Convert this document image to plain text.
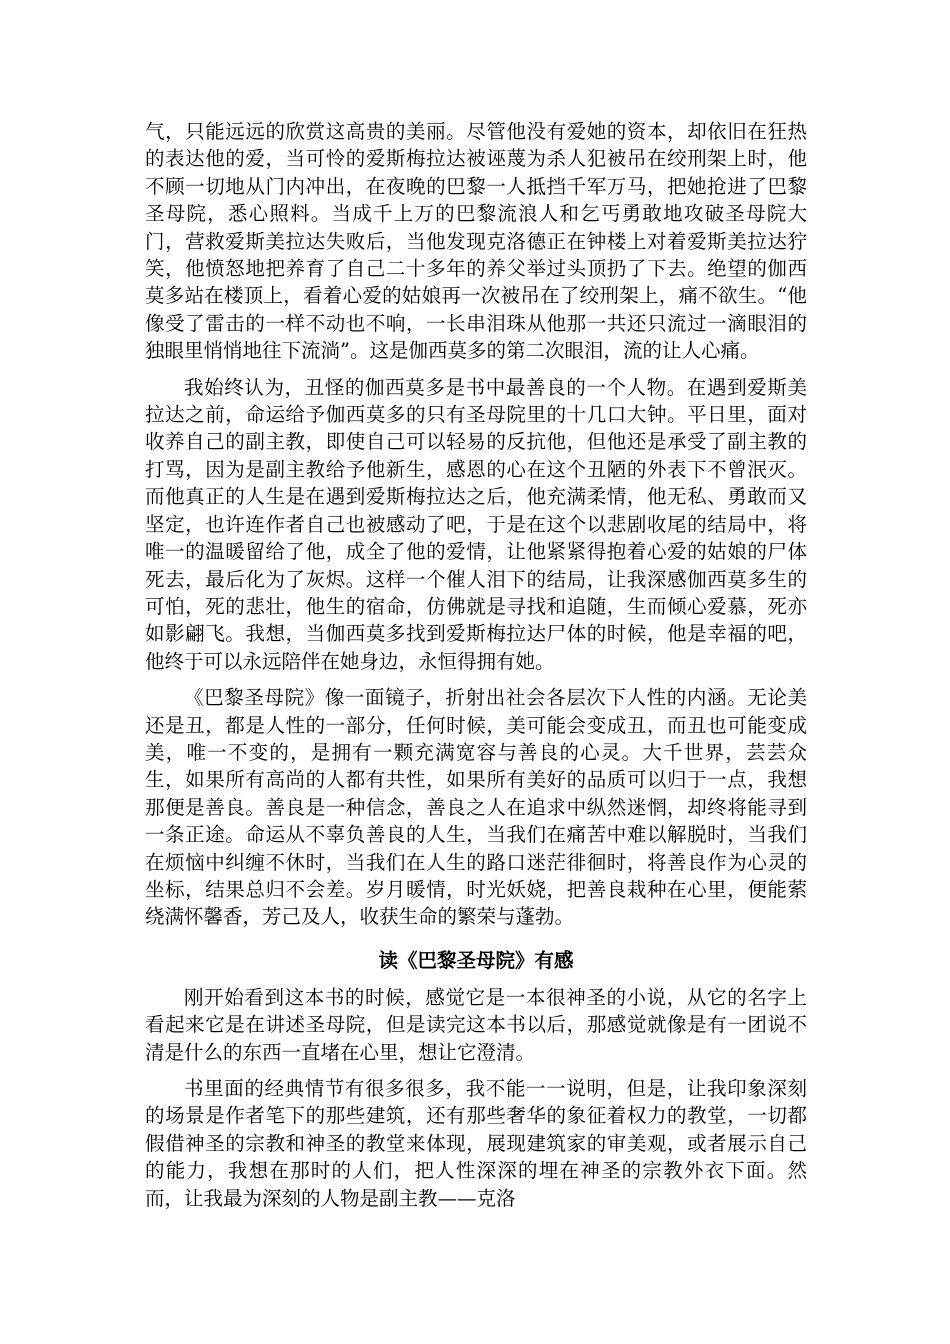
气，只能远远的欣赏这高贵的美丽。尽管他没有爱她的资本，却依旧在狂热的表达他的爱，当可怜的爱斯梅拉达被诬蔑为杀人犯被吊在绞刑架上时，他不顾一切地从门内冲出，在夜晚的巴黎一人抵挡千军万马，把她抢进了巴黎圣母院，悉心照料。当成千上万的巴黎流浪人和乞丐勇敢地攻破圣母院大门，营救爱斯美拉达失败后，当他发现克洛德正在钟楼上对着爱斯美拉达狞笑，他愤怒地把养育了自己二十多年的养父举过头顶扔了下去。绝望的伽西莫多站在楼顶上，看着心爱的姑娘再一次被吊在了绞刑架上，痛不欲生。“他像受了雷击的一样不动也不响，一长串泪珠从他那一共还只流过一滴眼泪的独眼里悄悄地往下流淌”。这是伽西莫多的第二次眼泪，流的让人心痛。

我始终认为，丑怪的伽西莫多是书中最善良的一个人物。在遇到爱斯美拉达之前，命运给予伽西莫多的只有圣母院里的十几口大钟。平日里，面对收养自己的副主教，即使自己可以轻易的反抗他，但他还是承受了副主教的打骂，因为是副主教给予他新生，感恩的心在这个丑陋的外表下不曾泯灭。而他真正的人生是在遇到爱斯梅拉达之后，他充满柔情，他无私、勇敢而又坚定，也许连作者自己也被感动了吧，于是在这个以悲剧收尾的结局中，将唯一的温暖留给了他，成全了他的爱情，让他紧紧得抱着心爱的姑娘的尸体死去，最后化为了灰烬。这样一个催人泪下的结局，让我深感伽西莫多生的可怕，死的悲壮，他生的宿命，仿佛就是寻找和追随，生而倾心爱慕，死亦如影翩飞。我想，当伽西莫多找到爱斯梅拉达尸体的时候，他是幸福的吧，他终于可以永远陪伴在她身边，永恒得拥有她。

《巴黎圣母院》像一面镜子，折射出社会各层次下人性的内涵。无论美还是丑，都是人性的一部分，任何时候，美可能会变成丑，而丑也可能变成美，唯一不变的，是拥有一颗充满宽容与善良的心灵。大千世界，芸芸众生，如果所有高尚的人都有共性，如果所有美好的品质可以归于一点，我想那便是善良。善良是一种信念，善良之人在追求中纵然迷惘，却终将能寻到一条正途。命运从不辜负善良的人生，当我们在痛苦中难以解脱时，当我们在烦恼中纠缠不休时，当我们在人生的路口迷茫徘徊时，将善良作为心灵的坐标，结果总归不会差。岁月暖情，时光妖娆，把善良栽种在心里，便能萦绕满怀馨香，芳己及人，收获生命的繁荣与蓬勃。

读《巴黎圣母院》有感

刚开始看到这本书的时候，感觉它是一本很神圣的小说，从它的名字上看起来它是在讲述圣母院，但是读完这本书以后，那感觉就像是有一团说不清是什么的东西一直堵在心里，想让它澄清。

书里面的经典情节有很多很多，我不能一一说明，但是，让我印象深刻的场景是作者笔下的那些建筑，还有那些奢华的象征着权力的教堂，一切都假借神圣的宗教和神圣的教堂来体现，展现建筑家的审美观，或者展示自己的能力，我想在那时的人们，把人性深深的埋在神圣的宗教外衣下面。然而，让我最为深刻的人物是副主教——克洛
